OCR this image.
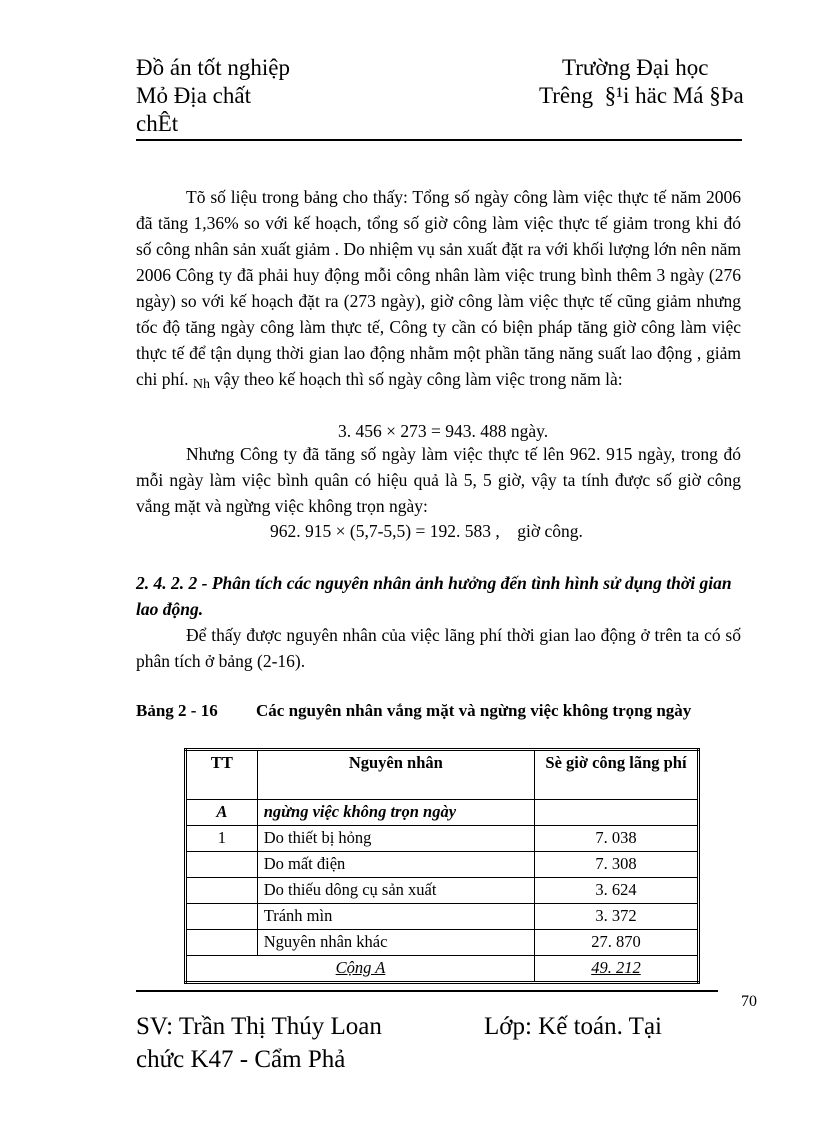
Đồ án tốt nghiệp
Mỏ Địa chất
chÊt
Trường Đại học
Trêng  §¹i häc Má §Þa
Tõ số liệu trong bảng cho thấy: Tổng số ngày công làm việc thực tế năm 2006 đã tăng 1,36% so với kế hoạch, tổng số giờ công làm việc thực tế giảm trong khi đó số công nhân sản xuất giảm . Do nhiệm vụ sản xuất đặt ra với khối lượng lớn nên năm 2006 Công ty đã phải huy động mỗi công nhân làm việc trung bình thêm 3 ngày (276 ngày) so với kế hoạch đặt ra (273 ngày), giờ công làm việc thực tế cũng giảm nhưng tốc độ tăng ngày công làm thực tế, Công ty cần có biện pháp tăng giờ công làm việc thực tế để tận dụng thời gian lao động nhằm một phần tăng năng suất lao động , giảm chi phí. Nh vậy theo kế hoạch thì số ngày công làm việc trong năm là:
3. 456 × 273 = 943. 488 ngày.
Nhưng Công ty đã tăng số ngày làm việc thực tế lên 962. 915 ngày, trong đó mỗi ngày làm việc bình quân có hiệu quả là 5, 5 giờ, vậy ta tính được số giờ công vắng mặt và ngừng việc không trọn ngày:
962. 915 × (5,7-5,5) = 192. 583 ,    giờ công.
2. 4. 2. 2 - Phân tích các nguyên nhân ảnh hưởng đến tình hình sử dụng thời gian lao động.
Để thấy được nguyên nhân của việc lãng phí thời gian lao động ở trên ta có số phân tích ở bảng (2-16).
Bảng 2 - 16 Các nguyên nhân vắng mặt và ngừng việc không trọng ngày
TT	Nguyên nhân	Sè giờ công lãng phí
A	ngừng việc không trọn ngày	
1	Do thiết bị hỏng	7. 038
	Do mất điện	7. 308
	Do thiếu dông cụ sản xuất	3. 624
	Tránh mìn	3. 372
	Nguyên nhân khác	27. 870
Cộng A		49. 212
70
SV: Trần Thị Thúy Loan	Lớp: Kế toán. Tại
chức K47 - Cẩm Phả
